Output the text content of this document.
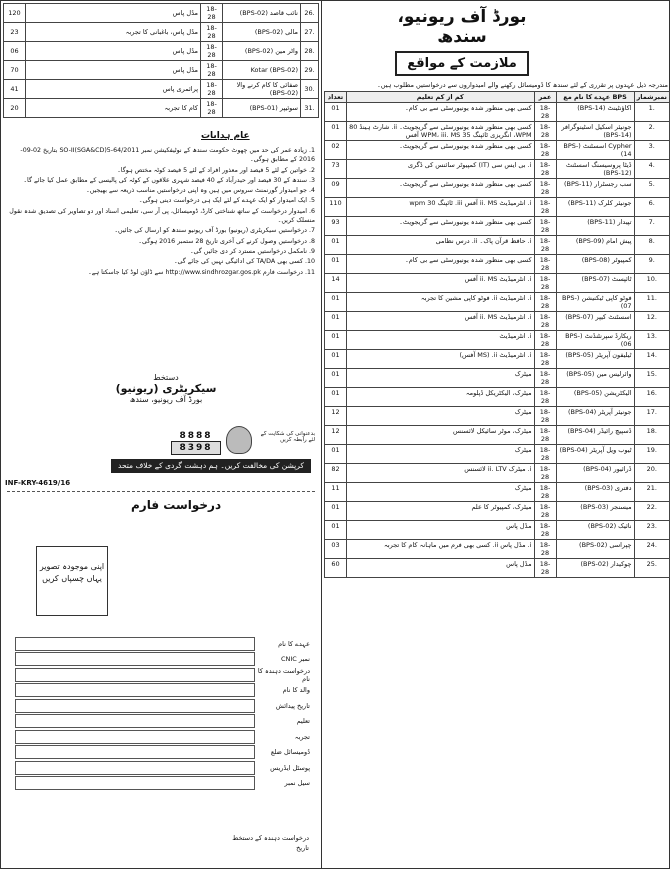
بورڈ آف ریونیو، سندھ
ملازمت کے مواقع
مندرجہ ذیل عہدوں پر تقرری کے لئے سندھ کا ڈومیسائل رکھنے والے امیدواروں سے درخواستیں مطلوب ہیں۔
تعداد	کم از کم تعلیم	عمر	عہدے کا نام مع BPS	نمبرشمار
01	کسی بھی منظور شدہ یونیورسٹی سے بی کام۔	18-28	اکاؤنٹینٹ (BPS-14)	1.
01	کسی بھی منظور شدہ یونیورسٹی سے گریجویٹ۔ ii. شارٹ ہینڈ 80 WPM، انگریزی ٹائپنگ 35 WPM، iii. MS آفس	18-28	جونیئر اسکیل اسٹینوگرافر (BPS-14)	2.
02	کسی بھی منظور شدہ یونیورسٹی سے گریجویٹ۔	18-28	Cypher اسسٹنٹ (BPS-14)	3.
73	i. بی ایس سی (IT) کمپیوٹر سائنس کی ڈگری	18-28	ڈیٹا پروسیسنگ اسسٹنٹ (BPS-12)	4.
09	کسی بھی منظور شدہ یونیورسٹی سے گریجویٹ۔	18-28	سب رجسٹرار (BPS-11)	5.
110	i. انٹرمیڈیٹ ii. MS آفس iii. ٹائپنگ 30 wpm	18-28	جونیئر کلرک (BPS-11)	6.
93	کسی بھی منظور شدہ یونیورسٹی سے گریجویٹ۔	18-28	تپیدار (BPS-11)	7.
01	i. حافظ قرآن پاک۔ ii. درس نظامی	18-28	پیش امام (BPS-09)	8.
01	کسی بھی منظور شدہ یونیورسٹی سے بی کام۔	18-28	کمپیوٹر (BPS-08)	9.
14	i. انٹرمیڈیٹ ii. MS آفس	18-28	ٹائپسٹ (BPS-07)	10.
01	i. انٹرمیڈیٹ ii. فوٹو کاپی مشین کا تجربہ	18-28	فوٹو کاپی ٹیکنیشن (BPS-07)	11.
01	i. انٹرمیڈیٹ ii. MS آفس	18-28	اسسٹنٹ کیپر (BPS-07)	12.
01	i. انٹرمیڈیٹ	18-28	ریکارڈ سپرنٹنڈنٹ (BPS-06)	13.
01	i. انٹرمیڈیٹ ii. (MS آفس)	18-28	ٹیلیفون آپریٹر (BPS-05)	14.
01	میٹرک	18-28	وائرلیس مین (BPS-05)	15.
01	میٹرک، الیکٹریکل ڈپلومہ	18-28	الیکٹریشن (BPS-05)	16.
12	میٹرک	18-28	جونیئر آپریٹر (BPS-04)	17.
12	میٹرک، موٹر سائیکل لائسنس	18-28	ڈسپیچ رائیڈر (BPS-04)	18.
01	میٹرک	18-28	ٹیوب ویل آپریٹر (BPS-04)	19.
82	i. میٹرک ii. LTV لائسنس	18-28	ڈرائیور (BPS-04)	20.
11	میٹرک	18-28	دفتری (BPS-03)	21.
01	میٹرک، کمپیوٹر کا علم	18-28	میسنجر (BPS-03)	22.
01	مڈل پاس	18-28	نائیک (BPS-02)	23.
03	i. مڈل پاس ii. کسی بھی فرم میں ماہانہ کام کا تجربہ	18-28	چپراسی (BPS-02)	24.
60	مڈل پاس	18-28	چوکیدار (BPS-02)	25.
120	مڈل پاس	18-28	نائب قاصد (BPS-02)	26.
23	مڈل پاس، باغبانی کا تجربہ	18-28	مالی (BPS-02)	27.
06	مڈل پاس	18-28	واٹر مین (BPS-02)	28.
70	مڈل پاس	18-28	Kotar (BPS-02)	29.
41	پرائمری پاس	18-28	صفائی کا کام کرنے والا (BPS-02)	30.
20	کام کا تجربہ	18-28	سوئیپر (BPS-01)	31.
عام ہدایات
1. زیادہ عمر کی حد میں چھوٹ حکومت سندھ کے نوٹیفکیشن نمبر SO-II(SGA&CD)5-64/2011 بتاریخ 02-09-2016 کے مطابق ہوگی۔
2. خواتین کے لئے 5 فیصد اور معذور افراد کے لئے 5 فیصد کوٹہ مختص ہوگا۔
3. سندھ کے 30 فیصد اور حیدرآباد کے 40 فیصد شہری علاقوں کے کوٹہ کی پالیسی کے مطابق عمل کیا جائے گا۔
4. جو امیدوار گورنمنٹ سروس میں ہیں وہ اپنی درخواستیں مناسب ذریعہ سے بھیجیں۔
5. ایک امیدوار کو ایک عہدے کے لئے ایک ہی درخواست دینی ہوگی۔
6. امیدوار درخواست کے ساتھ شناختی کارڈ، ڈومیسائل، پی آر سی، تعلیمی اسناد اور دو تصاویر کی تصدیق شدہ نقول منسلک کریں۔
7. درخواستیں سیکریٹری (ریونیو) بورڈ آف ریونیو سندھ کو ارسال کی جائیں۔
8. درخواستیں وصول کرنے کی آخری تاریخ 28 ستمبر 2016 ہوگی۔
9. نامکمل درخواستیں مسترد کر دی جائیں گی۔
10. کسی بھی TA/DA کی ادائیگی نہیں کی جائے گی۔
11. درخواست فارم http://www.sindhrozgar.gos.pk سے ڈاؤن لوڈ کیا جاسکتا ہے۔
دستخط
سیکریٹری (ریونیو)
بورڈ آف ریونیو، سندھ
8888
8398
بدعنوانی کی شکایت کے لئے رابطہ کریں
کرپشن کی مخالفت کریں۔ ہم دہشت گردی کے خلاف متحد ہیں۔
INF-KRY-4619/16
درخواست فارم
اپنی موجودہ تصویر
یہاں چسپاں کریں
عہدے کا نام
CNIC نمبر
درخواست دہندہ کا نام
والد کا نام
تاریخ پیدائش
تعلیم
تجربہ
ڈومیسائل ضلع
پوسٹل ایڈریس
سیل نمبر
درخواست دہندہ کے دستخط
تاریخ
